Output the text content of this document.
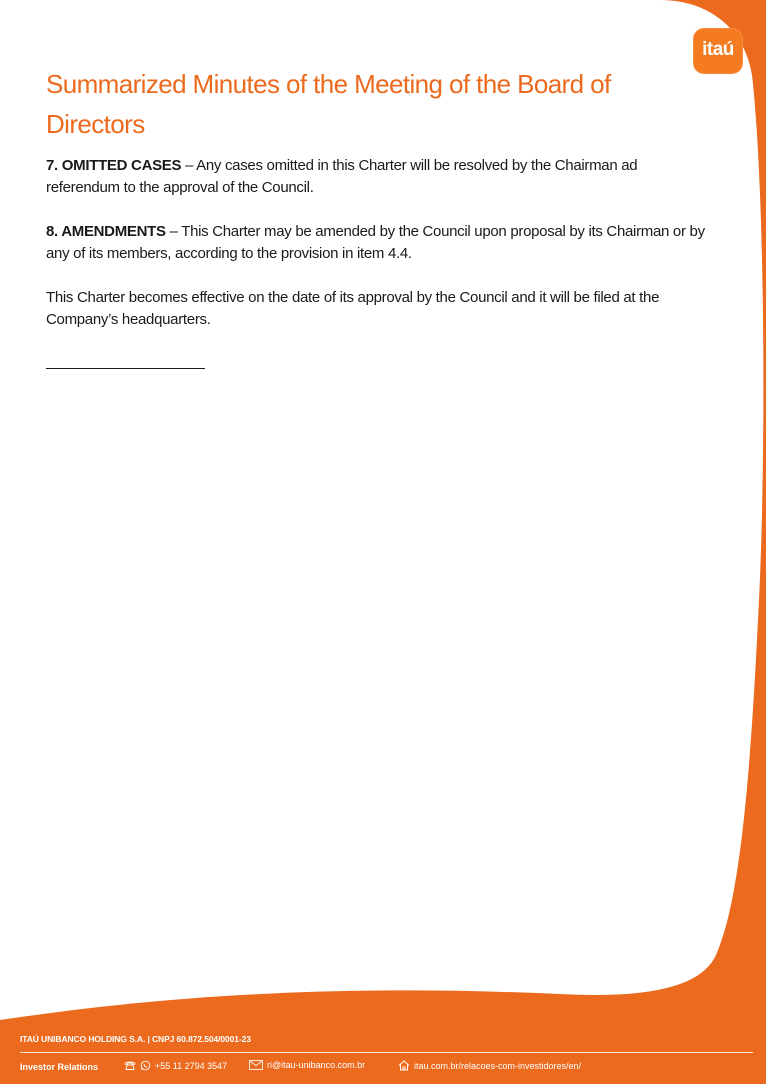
itaú
Summarized Minutes of the Meeting of the Board of Directors

7. OMITTED CASES – Any cases omitted in this Charter will be resolved by the Chairman ad referendum to the approval of the Council.

8. AMENDMENTS – This Charter may be amended by the Council upon proposal by its Chairman or by any of its members, according to the provision in item 4.4.

This Charter becomes effective on the date of its approval by the Council and it will be filed at the Company’s headquarters.

ITAÚ UNIBANCO HOLDING S.A. | CNPJ 60.872.504/0001-23
Investor Relations	+55 11 2794 3547	ri@itau-unibanco.com.br	itau.com.br/relacoes-com-investidores/en/
